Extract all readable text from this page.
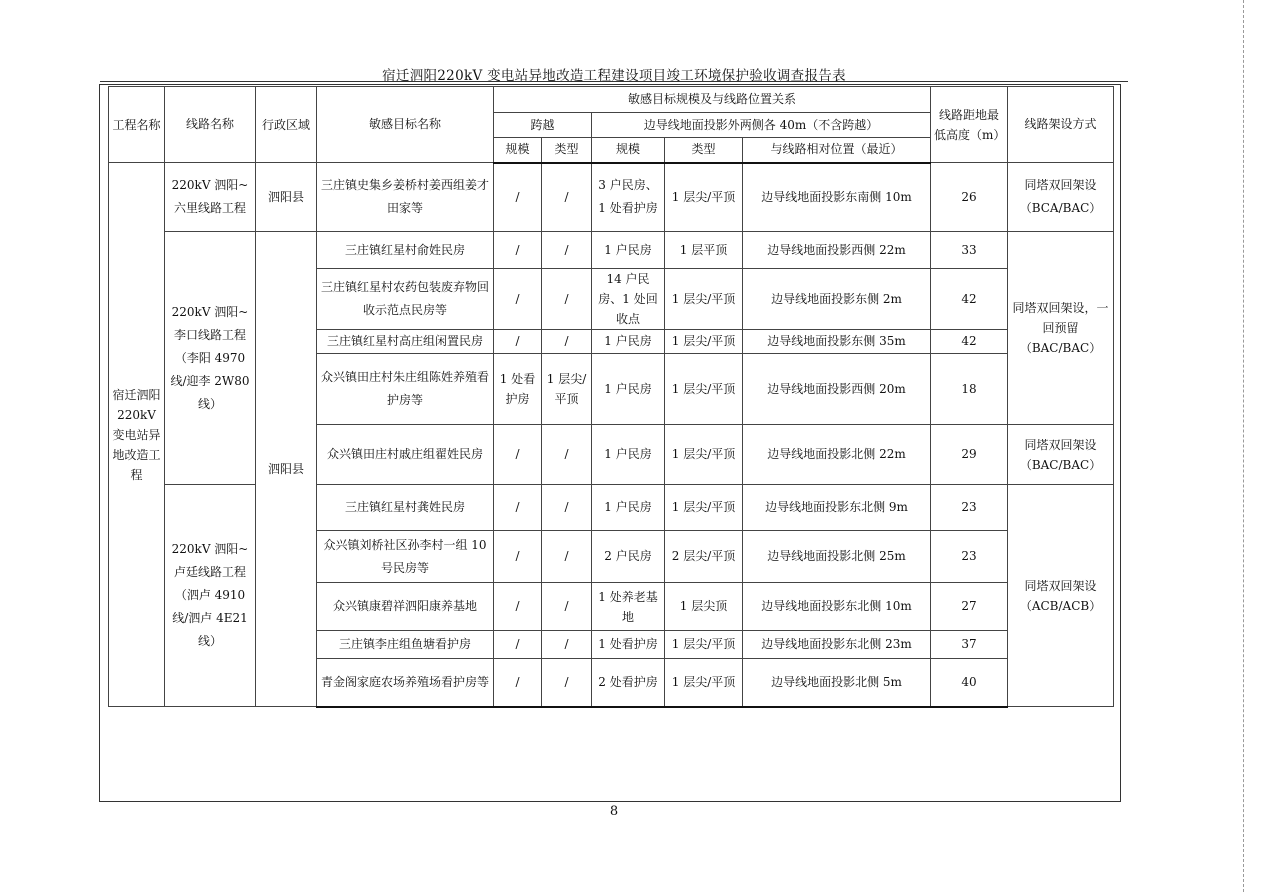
宿迁泗阳220kV 变电站异地改造工程建设项目竣工环境保护验收调查报告表
工程名称	线路名称	行政区域	敏感目标名称	敏感目标规模及与线路位置关系					线路距地最低高度（m）	线路架设方式
				跨越		边导线地面投影外两侧各 40m（不含跨越）				
				规模	类型	规模	类型	与线路相对位置（最近）		
宿迁泗阳220kV变电站异地改造工程	220kV 泗阳~六里线路工程	泗阳县	三庄镇史集乡姜桥村姜西组姜才田家等	/	/	3 户民房、1 处看护房	1 层尖/平顶	边导线地面投影东南侧 10m	26	同塔双回架设（BCA/BAC）
	220kV 泗阳~李口线路工程（李阳 4970 线/迎李 2W80 线）	泗阳县	三庄镇红星村俞姓民房	/	/	1 户民房	1 层平顶	边导线地面投影西侧 22m	33	同塔双回架设，一回预留（BAC/BAC）
			三庄镇红星村农药包装废弃物回收示范点民房等	/	/	14 户民房、1 处回收点	1 层尖/平顶	边导线地面投影东侧 2m	42	
			三庄镇红星村高庄组闲置民房	/	/	1 户民房	1 层尖/平顶	边导线地面投影东侧 35m	42	
			众兴镇田庄村朱庄组陈姓养殖看护房等	1 处看护房	1 层尖/平顶	1 户民房	1 层尖/平顶	边导线地面投影西侧 20m	18	
			众兴镇田庄村戚庄组翟姓民房	/	/	1 户民房	1 层尖/平顶	边导线地面投影北侧 22m	29	同塔双回架设（BAC/BAC）
	220kV 泗阳~卢廷线路工程（泗卢 4910 线/泗卢 4E21 线）		三庄镇红星村龚姓民房	/	/	1 户民房	1 层尖/平顶	边导线地面投影东北侧 9m	23	同塔双回架设（ACB/ACB）
			众兴镇刘桥社区孙李村一组 10 号民房等	/	/	2 户民房	2 层尖/平顶	边导线地面投影北侧 25m	23	
			众兴镇康碧祥泗阳康养基地	/	/	1 处养老基地	1 层尖顶	边导线地面投影东北侧 10m	27	
			三庄镇李庄组鱼塘看护房	/	/	1 处看护房	1 层尖/平顶	边导线地面投影东北侧 23m	37	
			青金阁家庭农场养殖场看护房等	/	/	2 处看护房	1 层尖/平顶	边导线地面投影北侧 5m	40	
8
